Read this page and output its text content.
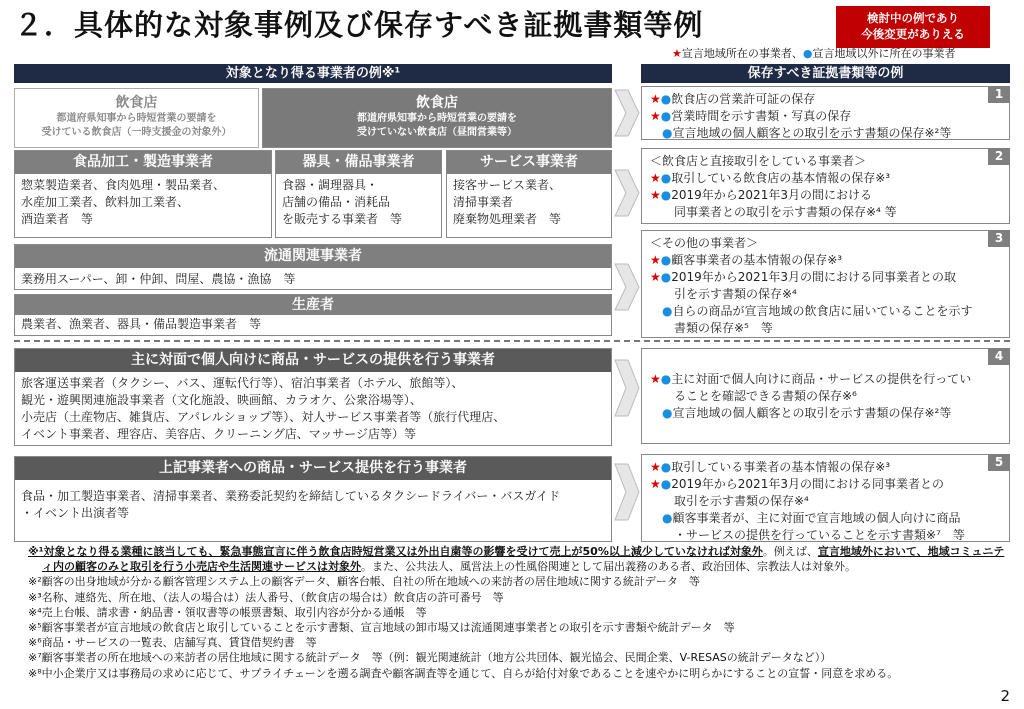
２．具体的な対象事例及び保存すべき証拠書類等例	検討中の例であり
今後変更がありえる
★宣言地域所在の事業者、●宣言地域以外に所在の事業者
対象となり得る事業者の例※¹	保存すべき証拠書類等の例
飲食店
都道府県知事から時短営業の要請を
受けている飲食店（一時支援金の対象外）
飲食店
都道府県知事から時短営業の要請を
受けていない飲食店（昼間営業等）
食品加工・製造事業者
惣菜製造業者、食肉処理・製品業者、
水産加工業者、飲料加工業者、
酒造業者　等
器具・備品事業者
食器・調理器具・
店舗の備品・消耗品
を販売する事業者　等
サービス事業者
接客サービス業者、
清掃事業者
廃棄物処理業者　等
流通関連事業者
業務用スーパー、卸・仲卸、問屋、農協・漁協　等
生産者
農業者、漁業者、器具・備品製造事業者　等
1
★●飲食店の営業許可証の保存
★●営業時間を示す書類・写真の保存
●宣言地域の個人顧客との取引を示す書類の保存※²等
2
＜飲食店と直接取引をしている事業者＞
★●取引している飲食店の基本情報の保存※³
★●2019年から2021年3月の間における
同事業者との取引を示す書類の保存※⁴ 等
3
＜その他の事業者＞
★●顧客事業者の基本情報の保存※³
★●2019年から2021年3月の間における同事業者との取
引を示す書類の保存※⁴
●自らの商品が宣言地域の飲食店に届いていることを示す
書類の保存※⁵　等
4
★●主に対面で個人向けに商品・サービスの提供を行ってい
ることを確認できる書類の保存※⁶
●宣言地域の個人顧客との取引を示す書類の保存※²等
5
★●取引している事業者の基本情報の保存※³
★●2019年から2021年3月の間における同事業者との
取引を示す書類の保存※⁴
●顧客事業者が、主に対面で宣言地域の個人向けに商品
・サービスの提供を行っていることを示す書類※⁷　等
主に対面で個人向けに商品・サービスの提供を行う事業者
旅客運送事業者（タクシー、バス、運転代行等）、宿泊事業者（ホテル、旅館等）、
観光・遊興関連施設事業者（文化施設、映画館、カラオケ、公衆浴場等）、
小売店（土産物店、雑貨店、アパレルショップ等）、対人サービス事業者等（旅行代理店、
イベント事業者、理容店、美容店、クリーニング店、マッサージ店等）等
上記事業者への商品・サービス提供を行う事業者
食品・加工製造事業者、清掃事業者、業務委託契約を締結しているタクシードライバー・バスガイド
・イベント出演者等
※¹対象となり得る業種に該当しても、緊急事態宣言に伴う飲食店時短営業又は外出自粛等の影響を受けて売上が50%以上減少していなければ対象外。例えば、宣言地域外において、地域コミュニティ内の顧客のみと取引を行う小売店や生活関連サービスは対象外。また、公共法人、風営法上の性風俗関連として届出義務のある者、政治団体、宗教法人は対象外。
※²顧客の出身地域が分かる顧客管理システム上の顧客データ、顧客台帳、自社の所在地域への来訪者の居住地域に関する統計データ　等
※³名称、連絡先、所在地、（法人の場合は）法人番号、（飲食店の場合は）飲食店の許可番号　等
※⁴売上台帳、請求書・納品書・領収書等の帳票書類、取引内容が分かる通帳　等
※⁵顧客事業者が宣言地域の飲食店と取引していることを示す書類、宣言地域の卸市場又は流通関連事業者との取引を示す書類や統計データ　等
※⁶商品・サービスの一覧表、店舗写真、賃貸借契約書　等
※⁷顧客事業者の所在地域への来訪者の居住地域に関する統計データ　等（例：観光関連統計（地方公共団体、観光協会、民間企業、V-RESASの統計データなど））
※⁸中小企業庁又は事務局の求めに応じて、サプライチェーンを遡る調査や顧客調査等を通じて、自らが給付対象であることを速やかに明らかにすることの宣誓・同意を求める。
2
